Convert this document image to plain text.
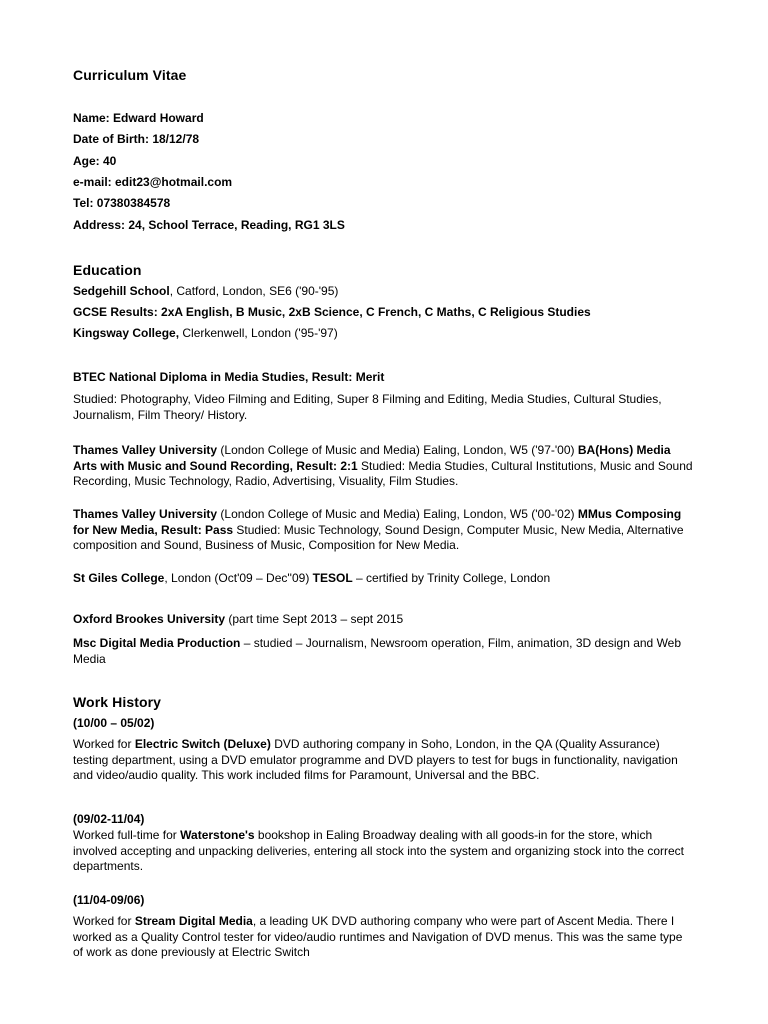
Curriculum Vitae
Name: Edward Howard
Date of Birth: 18/12/78
Age: 40
e-mail: edit23@hotmail.com
Tel: 07380384578
Address: 24, School Terrace, Reading, RG1 3LS
Education
Sedgehill School, Catford, London, SE6 ('90-'95)
GCSE Results: 2xA English, B Music, 2xB Science, C French, C Maths, C Religious Studies
Kingsway College, Clerkenwell, London ('95-'97)
BTEC National Diploma in Media Studies, Result: Merit

Studied: Photography, Video Filming and Editing, Super 8 Filming and Editing, Media Studies, Cultural Studies, Journalism, Film Theory/ History.

Thames Valley University (London College of Music and Media) Ealing, London, W5 ('97-'00) BA(Hons) Media Arts with Music and Sound Recording, Result: 2:1 Studied: Media Studies, Cultural Institutions, Music and Sound Recording, Music Technology, Radio, Advertising, Visuality, Film Studies.

Thames Valley University (London College of Music and Media) Ealing, London, W5 ('00-'02) MMus Composing for New Media, Result: Pass Studied: Music Technology, Sound Design, Computer Music, New Media, Alternative composition and Sound, Business of Music, Composition for New Media.

St Giles College, London (Oct'09 – Dec''09) TESOL – certified by Trinity College, London

Oxford Brookes University (part time Sept 2013 – sept 2015

Msc Digital Media Production – studied – Journalism, Newsroom operation, Film, animation, 3D design and Web Media

Work History
(10/00 – 05/02)

Worked for Electric Switch (Deluxe) DVD authoring company in Soho, London, in the QA (Quality Assurance) testing department, using a DVD emulator programme and DVD players to test for bugs in functionality, navigation and video/audio quality. This work included films for Paramount, Universal and the BBC.

(09/02-11/04)

Worked full-time for Waterstone's bookshop in Ealing Broadway dealing with all goods-in for the store, which involved accepting and unpacking deliveries, entering all stock into the system and organizing stock into the correct departments.

(11/04-09/06)

Worked for Stream Digital Media, a leading UK DVD authoring company who were part of Ascent Media. There I worked as a Quality Control tester for video/audio runtimes and Navigation of DVD menus. This was the same type of work as done previously at Electric Switch
